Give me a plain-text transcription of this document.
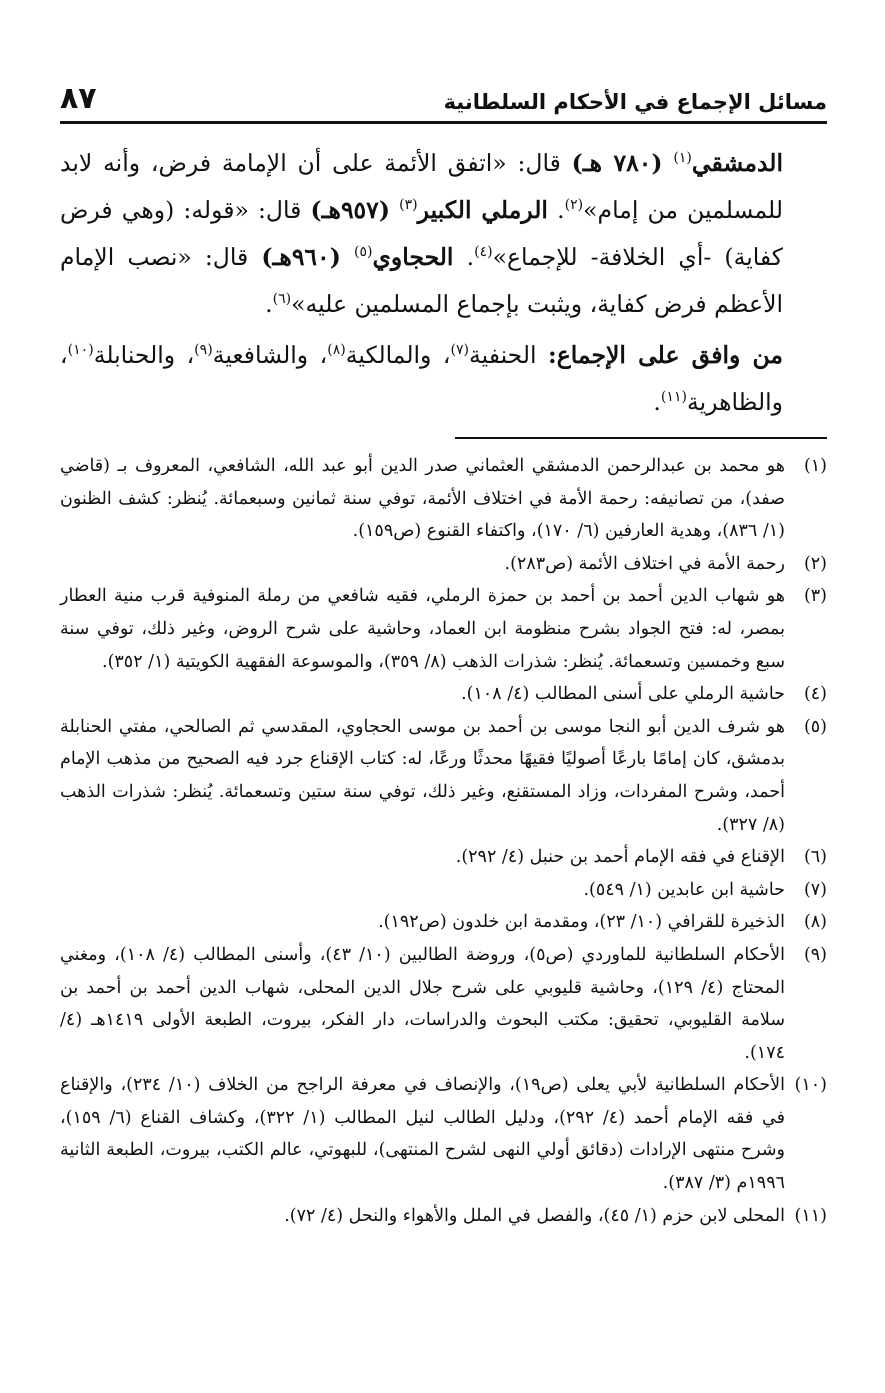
٨٧	مسائل الإجماع في الأحكام السلطانية

الدمشقي$^{(١)}$ (٧٨٠ هـ) قال: «اتفق الأئمة على أن الإمامة فرض، وأنه لابد للمسلمين من إمام»$^{(٢)}$. الرملي الكبير$^{(٣)}$ (٩٥٧هـ) قال: «قوله: (وهي فرض كفاية) -أي الخلافة- للإجماع»$^{(٤)}$. الحجاوي$^{(٥)}$ (٩٦٠هـ) قال: «نصب الإمام الأعظم فرض كفاية، ويثبت بإجماع المسلمين عليه»$^{(٦)}$.

من وافق على الإجماع: الحنفية$^{(٧)}$، والمالكية$^{(٨)}$، والشافعية$^{(٩)}$، والحنابلة$^{(١٠)}$، والظاهرية$^{(١١)}$.

(١)
هو محمد بن عبدالرحمن الدمشقي العثماني صدر الدين أبو عبد الله، الشافعي، المعروف بـ (قاضي صفد)، من تصانيفه: رحمة الأمة في اختلاف الأئمة، توفي سنة ثمانين وسبعمائة. يُنظر: كشف الظنون (١/ ٨٣٦)، وهدية العارفين (٦/ ١٧٠)، واكتفاء القنوع (ص١٥٩).
(٢)
رحمة الأمة في اختلاف الأئمة (ص٢٨٣).
(٣)
هو شهاب الدين أحمد بن أحمد بن حمزة الرملي، فقيه شافعي من رملة المنوفية قرب منية العطار بمصر، له: فتح الجواد بشرح منظومة ابن العماد، وحاشية على شرح الروض، وغير ذلك، توفي سنة سبع وخمسين وتسعمائة. يُنظر: شذرات الذهب (٨/ ٣٥٩)، والموسوعة الفقهية الكويتية (١/ ٣٥٢).
(٤)
حاشية الرملي على أسنى المطالب (٤/ ١٠٨).
(٥)
هو شرف الدين أبو النجا موسى بن أحمد بن موسى الحجاوي، المقدسي ثم الصالحي، مفتي الحنابلة بدمشق، كان إمامًا بارعًا أصوليًا فقيهًا محدثًا ورعًا، له: كتاب الإقناع جرد فيه الصحيح من مذهب الإمام أحمد، وشرح المفردات، وزاد المستقنع، وغير ذلك، توفي سنة ستين وتسعمائة. يُنظر: شذرات الذهب (٨/ ٣٢٧).
(٦)
الإقناع في فقه الإمام أحمد بن حنبل (٤/ ٢٩٢).
(٧)
حاشية ابن عابدين (١/ ٥٤٩).
(٨)
الذخيرة للقرافي (١٠/ ٢٣)، ومقدمة ابن خلدون (ص١٩٢).
(٩)
الأحكام السلطانية للماوردي (ص٥)، وروضة الطالبين (١٠/ ٤٣)، وأسنى المطالب (٤/ ١٠٨)، ومغني المحتاج (٤/ ١٢٩)، وحاشية قليوبي على شرح جلال الدين المحلى، شهاب الدين أحمد بن أحمد بن سلامة القليوبي، تحقيق: مكتب البحوث والدراسات، دار الفكر، بيروت، الطبعة الأولى ١٤١٩هـ (٤/ ١٧٤).
(١٠)
الأحكام السلطانية لأبي يعلى (ص١٩)، والإنصاف في معرفة الراجح من الخلاف (١٠/ ٢٣٤)، والإقناع في فقه الإمام أحمد (٤/ ٢٩٢)، ودليل الطالب لنيل المطالب (١/ ٣٢٢)، وكشاف القناع (٦/ ١٥٩)، وشرح منتهى الإرادات (دقائق أولي النهى لشرح المنتهى)، للبهوتي، عالم الكتب، بيروت، الطبعة الثانية ١٩٩٦م (٣/ ٣٨٧).
(١١)
المحلى لابن حزم (١/ ٤٥)، والفصل في الملل والأهواء والنحل (٤/ ٧٢).
